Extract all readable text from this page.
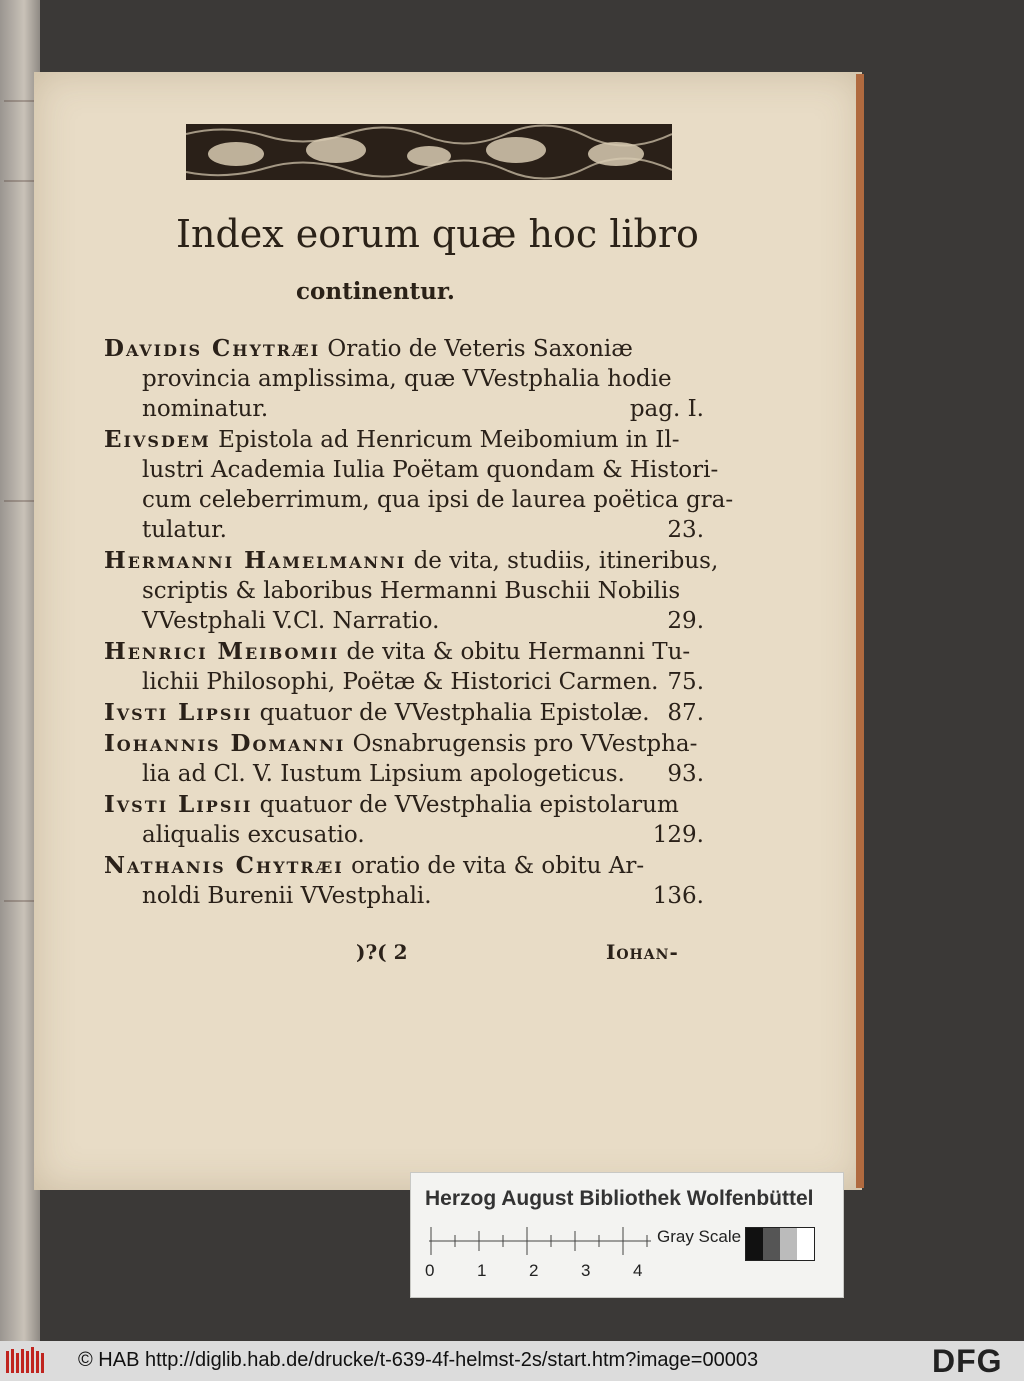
Index eorum quæ hoc libro
continentur.
Davidis Chytræi Oratio de Veteris Saxoniæ
provincia amplissima, quæ VVestphalia hodie
nominatur.	pag. I.
Eivsdem Epistola ad Henricum Meibomium in Il-
lustri Academia Iulia Poëtam quondam & Histori-
cum celeberrimum, qua ipsi de laurea poëtica gra-
tulatur.	23.
Hermanni Hamelmanni de vita, studiis, itineribus,
scriptis & laboribus Hermanni Buschii Nobilis
VVestphali V.Cl. Narratio.	29.
Henrici Meibomii de vita & obitu Hermanni Tu-
lichii Philosophi, Poëtæ & Historici Carmen. 75.
Ivsti Lipsii quatuor de VVestphalia Epistolæ. 87.
Iohannis Domanni Osnabrugensis pro VVestpha-
lia ad Cl. V. Iustum Lipsium apologeticus.	93.
Ivsti Lipsii quatuor de VVestphalia epistolarum
aliqualis excusatio.	129.
Nathanis Chytræi oratio de vita & obitu Ar-
noldi Burenii VVestphali.	136.
)?( 2	Iohan-
Herzog August Bibliothek Wolfenbüttel
0	1	2	3	4
Gray Scale
© HAB http://diglib.hab.de/drucke/t-639-4f-helmst-2s/start.htm?image=00003	DFG
